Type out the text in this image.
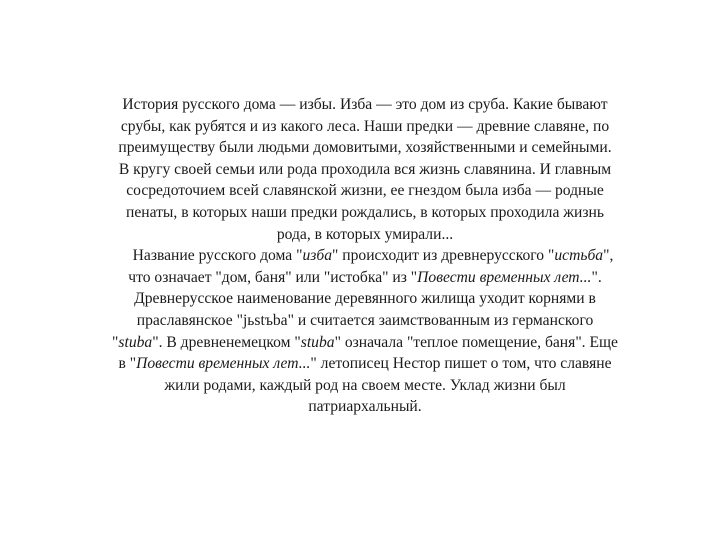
История русского дома — избы. Изба — это дом из сруба. Какие бывают
срубы, как рубятся и из какого леса. Наши предки — древние славяне, по
преимуществу были людьми домовитыми, хозяйственными и семейными.
В кругу своей семьи или рода проходила вся жизнь славянина. И главным
сосредоточием всей славянской жизни, ее гнездом была изба — родные
пенаты, в которых наши предки рождались, в которых проходила жизнь
рода, в которых умирали...

Название русского дома "изба" происходит из древнерусского "истьба",
что означает "дом, баня" или "истобка" из "Повести временных лет...".
Древнерусское наименование деревянного жилища уходит корнями в
праславянское "jьstъba" и считается заимствованным из германского
"stuba". В древненемецком "stuba" означала "теплое помещение, баня". Еще
в "Повести временных лет..." летописец Нестор пишет о том, что славяне
жили родами, каждый род на своем месте. Уклад жизни был
патриархальный.
